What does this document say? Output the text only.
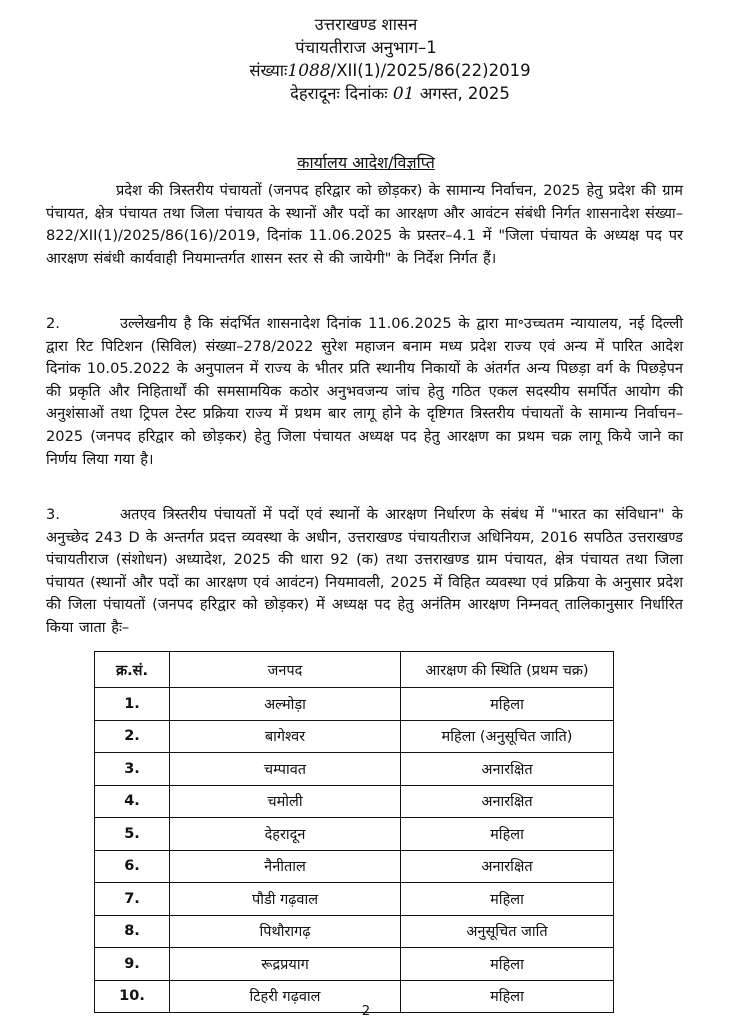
उत्तराखण्ड शासन
पंचायतीराज अनुभाग–1
संख्याः1088/XII(1)/2025/86(22)2019
देहरादूनः दिनांकः 01 अगस्त, 2025
कार्यालय आदेश/विज्ञप्ति
प्रदेश की त्रिस्तरीय पंचायतों (जनपद हरिद्वार को छोड़कर) के सामान्य निर्वाचन, 2025 हेतु प्रदेश की ग्राम पंचायत, क्षेत्र पंचायत तथा जिला पंचायत के स्थानों और पदों का आरक्षण और आवंटन संबंधी निर्गत शासनादेश संख्या–822/XII(1)/2025/86(16)/2019, दिनांक 11.06.2025 के प्रस्तर–4.1 में "जिला पंचायत के अध्यक्ष पद पर आरक्षण संबंधी कार्यवाही नियमान्तर्गत शासन स्तर से की जायेगी" के निर्देश निर्गत हैं।
2.	उल्लेखनीय है कि संदर्भित शासनादेश दिनांक 11.06.2025 के द्वारा मा॰उच्चतम न्यायालय, नई दिल्ली द्वारा रिट पिटिशन (सिविल) संख्या–278/2022 सुरेश महाजन बनाम मध्य प्रदेश राज्य एवं अन्य में पारित आदेश दिनांक 10.05.2022 के अनुपालन में राज्य के भीतर प्रति स्थानीय निकायों के अंतर्गत अन्य पिछड़ा वर्ग के पिछड़ेपन की प्रकृति और निहितार्थों की समसामयिक कठोर अनुभवजन्य जांच हेतु गठित एकल सदस्यीय समर्पित आयोग की अनुशंसाओं तथा ट्रिपल टेस्ट प्रक्रिया राज्य में प्रथम बार लागू होने के दृष्टिगत त्रिस्तरीय पंचायतों के सामान्य निर्वाचन–2025 (जनपद हरिद्वार को छोड़कर) हेतु जिला पंचायत अध्यक्ष पद हेतु आरक्षण का प्रथम चक्र लागू किये जाने का निर्णय लिया गया है।
3.	अतएव त्रिस्तरीय पंचायतों में पदों एवं स्थानों के आरक्षण निर्धारण के संबंध में "भारत का संविधान" के अनुच्छेद 243 D के अन्तर्गत प्रदत्त व्यवस्था के अधीन, उत्तराखण्ड पंचायतीराज अधिनियम, 2016 सपठित उत्तराखण्ड पंचायतीराज (संशोधन) अध्यादेश, 2025 की धारा 92 (क) तथा उत्तराखण्ड ग्राम पंचायत, क्षेत्र पंचायत तथा जिला पंचायत (स्थानों और पदों का आरक्षण एवं आवंटन) नियमावली, 2025 में विहित व्यवस्था एवं प्रक्रिया के अनुसार प्रदेश की जिला पंचायतों (जनपद हरिद्वार को छोड़कर) में अध्यक्ष पद हेतु अनंतिम आरक्षण निम्नवत् तालिकानुसार निर्धारित किया जाता हैः–
क्र.सं.	जनपद	आरक्षण की स्थिति (प्रथम चक्र)
1.	अल्मोड़ा	महिला
2.	बागेश्वर	महिला (अनुसूचित जाति)
3.	चम्पावत	अनारक्षित
4.	चमोली	अनारक्षित
5.	देहरादून	महिला
6.	नैनीताल	अनारक्षित
7.	पौडी गढ़वाल	महिला
8.	पिथौरागढ़	अनुसूचित जाति
9.	रूद्रप्रयाग	महिला
10.	टिहरी गढ़वाल	महिला
2
